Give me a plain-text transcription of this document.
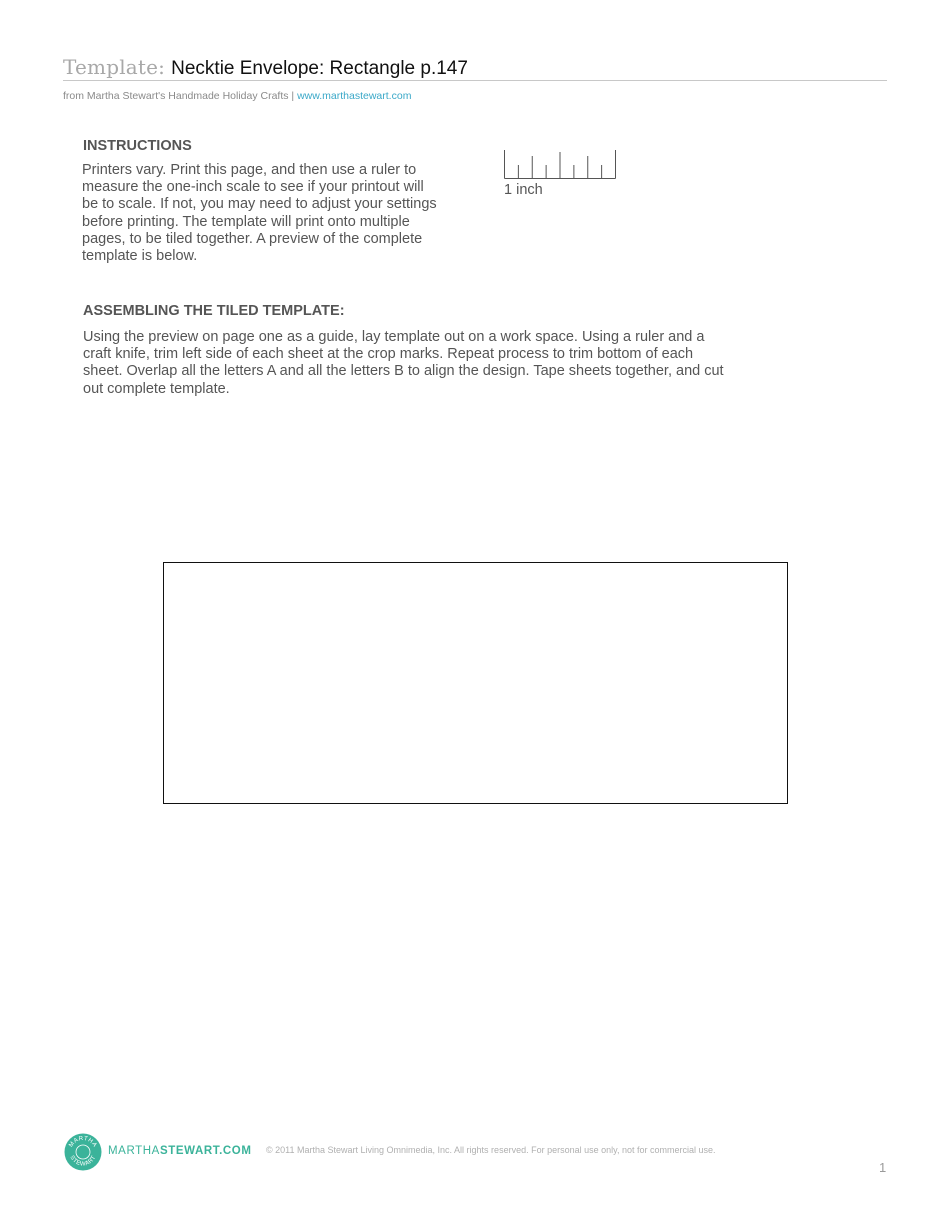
Template: Necktie Envelope: Rectangle p.147
from Martha Stewart's Handmade Holiday Crafts | www.marthastewart.com
INSTRUCTIONS
Printers vary. Print this page, and then use a ruler to
measure the one-inch scale to see if your printout will
be to scale. If not, you may need to adjust your settings
before printing. The template will print onto multiple
pages, to be tiled together. A preview of the complete
template is below.
1 inch
ASSEMBLING THE TILED TEMPLATE:
Using the preview on page one as a guide, lay template out on a work space. Using a ruler and a
craft knife, trim left side of each sheet at the crop marks. Repeat process to trim bottom of each
sheet. Overlap all the letters A and all the letters B to align the design. Tape sheets together, and cut
out complete template.
MARTHA
STEWART
MARTHASTEWART.COM © 2011 Martha Stewart Living Omnimedia, Inc. All rights reserved. For personal use only, not for commercial use.
1
